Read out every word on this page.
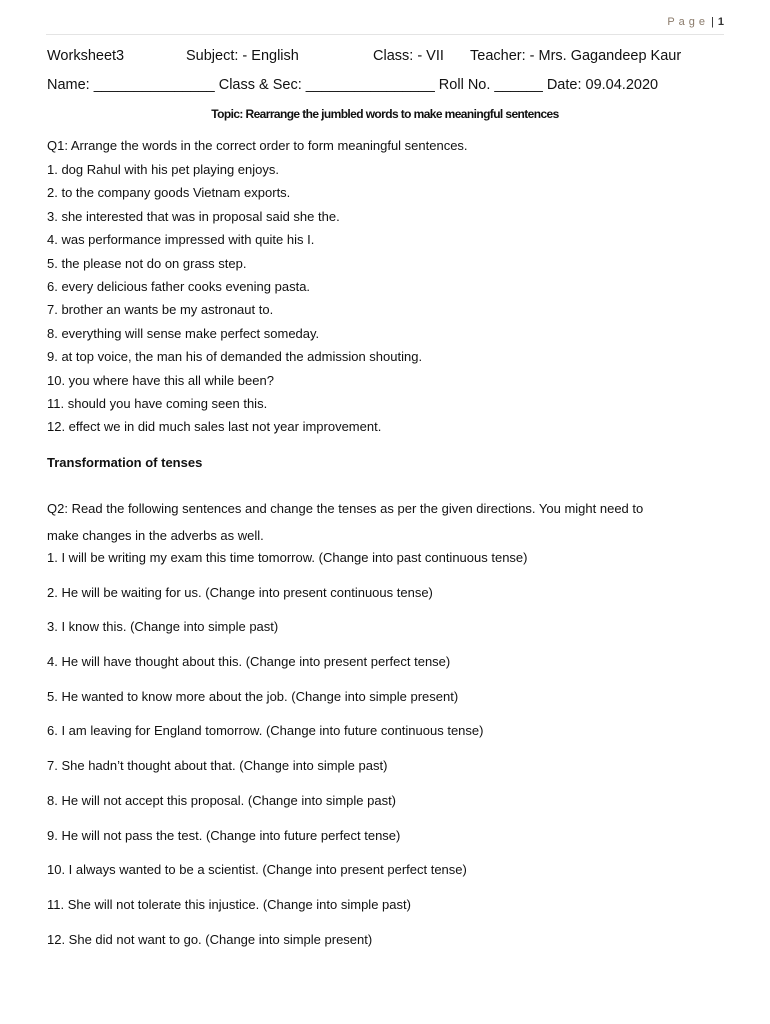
Page | 1
Worksheet3	Subject: - English	Class: - VII Teacher: - Mrs. Gagandeep Kaur
Name: _______________ Class & Sec: ________________ Roll No. ______ Date: 09.04.2020
Topic: Rearrange the jumbled words to make meaningful sentences
Q1: Arrange the words in the correct order to form meaningful sentences.
1. dog Rahul with his pet playing enjoys.
2. to the company goods Vietnam exports.
3. she interested that was in proposal said she the.
4. was performance impressed with quite his I.
5. the please not do on grass step.
6. every delicious father cooks evening pasta.
7. brother an wants be my astronaut to.
8. everything will sense make perfect someday.
9. at top voice, the man his of demanded the admission shouting.
10. you where have this all while been?
11. should you have coming seen this.
12. effect we in did much sales last not year improvement.
Transformation of tenses
Q2: Read the following sentences and change the tenses as per the given directions. You might need to make changes in the adverbs as well.
1. I will be writing my exam this time tomorrow. (Change into past continuous tense)
2. He will be waiting for us. (Change into present continuous tense)
3. I know this. (Change into simple past)
4. He will have thought about this. (Change into present perfect tense)
5. He wanted to know more about the job. (Change into simple present)
6. I am leaving for England tomorrow. (Change into future continuous tense)
7. She hadn’t thought about that. (Change into simple past)
8. He will not accept this proposal. (Change into simple past)
9. He will not pass the test. (Change into future perfect tense)
10. I always wanted to be a scientist. (Change into present perfect tense)
11. She will not tolerate this injustice. (Change into simple past)
12. She did not want to go. (Change into simple present)
